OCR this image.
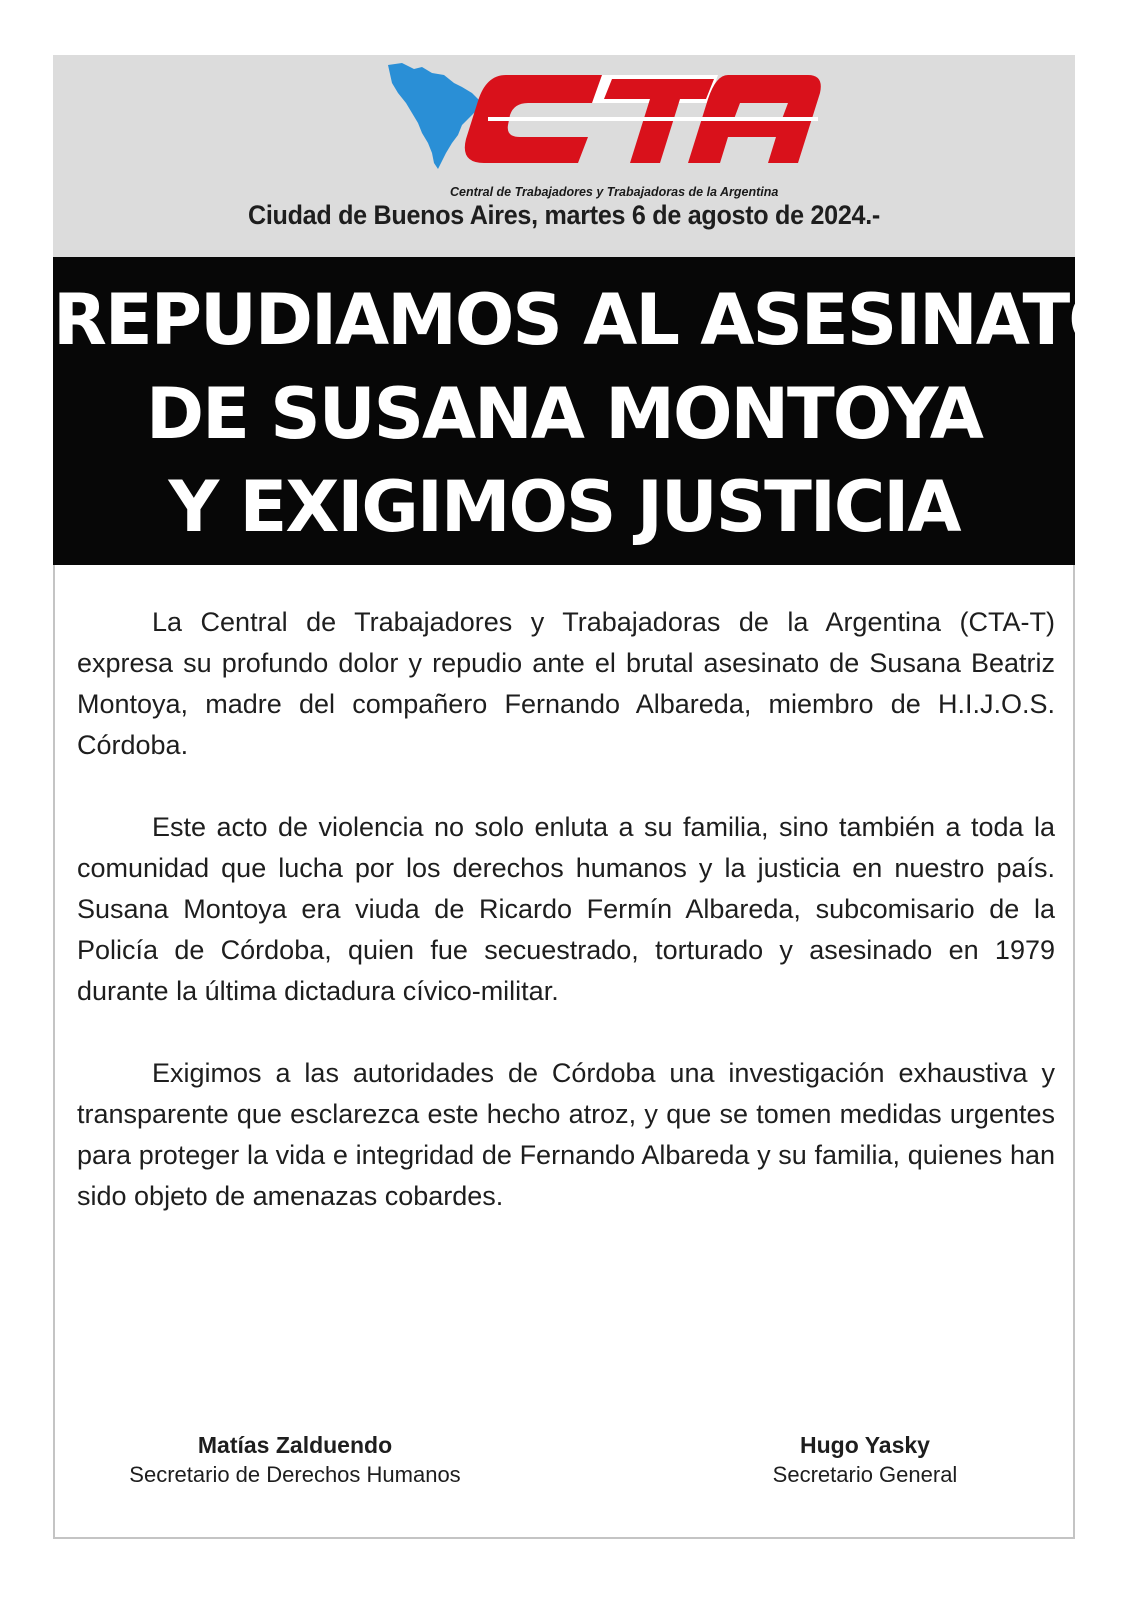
Central de Trabajadores y Trabajadoras de la Argentina
Ciudad de Buenos Aires, martes 6 de agosto de 2024.-
REPUDIAMOS AL ASESINATO
DE SUSANA MONTOYA
Y EXIGIMOS JUSTICIA

La Central de Trabajadores y Trabajadoras de la Argentina (CTA-T) expresa su profundo dolor y repudio ante el brutal asesinato de Susana Beatriz Montoya, madre del compañero Fernando Albareda, miembro de H.I.J.O.S. Córdoba.

Este acto de violencia no solo enluta a su familia, sino también a toda la comunidad que lucha por los derechos humanos y la justicia en nuestro país. Susana Montoya era viuda de Ricardo Fermín Albareda, subcomisario de la Policía de Córdoba, quien fue secuestrado, torturado y asesinado en 1979 durante la última dictadura cívico-militar.

Exigimos a las autoridades de Córdoba una investigación exhaustiva y transparente que esclarezca este hecho atroz, y que se tomen medidas urgentes para proteger la vida e integridad de Fernando Albareda y su familia, quienes han sido objeto de amenazas cobardes.

Matías Zalduendo
Secretario de Derechos Humanos
Hugo Yasky
Secretario General
